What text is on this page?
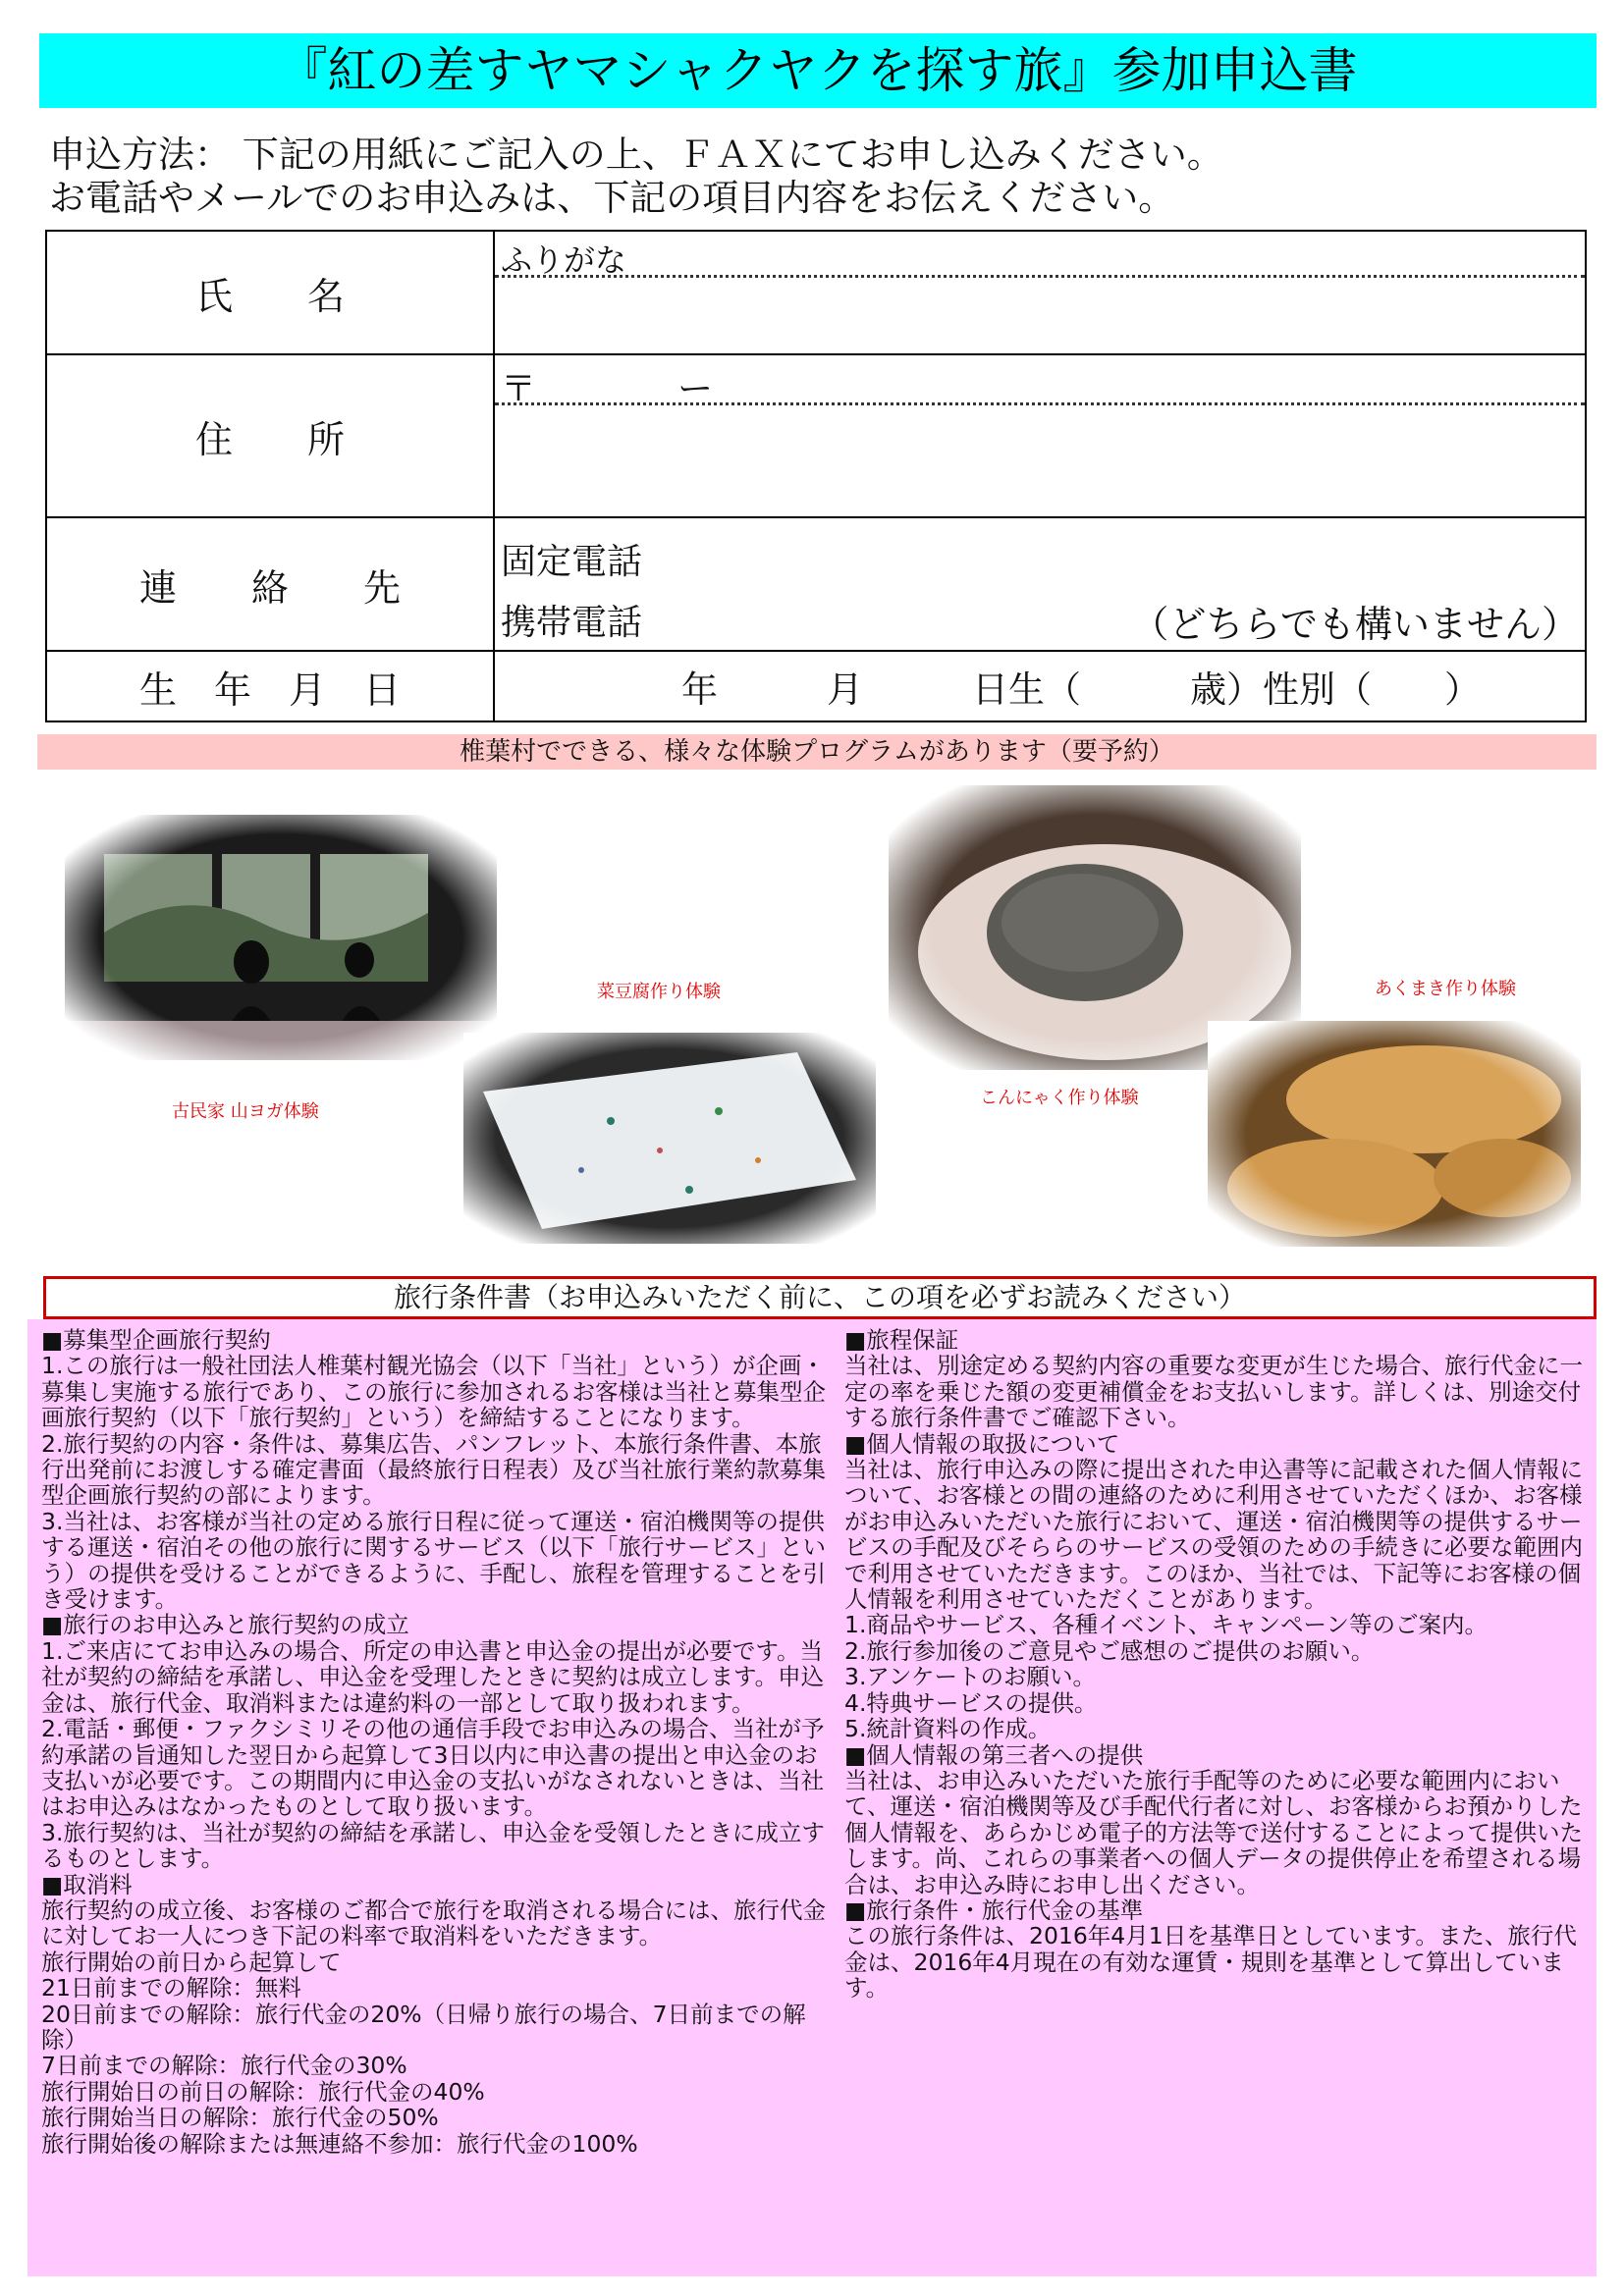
『紅の差すヤマシャクヤクを探す旅』参加申込書
申込方法： 下記の用紙にご記入の上、ＦＡＸにてお申し込みください。
お電話やメールでのお申込みは、下記の項目内容をお伝えください。
氏　　名	ふりがな

住　　所	〒　　　　ー

連　　絡　　先	固定電話
携帯電話 （どちらでも構いません）

生　年　月　日	年　　　月　　　日生（　　　歳）性別（　　）
椎葉村でできる、様々な体験プログラムがあります（要予約）
古民家 山ヨガ体験
菜豆腐作り体験
こんにゃく作り体験
あくまき作り体験
旅行条件書（お申込みいただく前に、この項を必ずお読みください）

■募集型企画旅行契約

1.この旅行は一般社団法人椎葉村観光協会（以下「当社」という）が企画・募集し実施する旅行であり、この旅行に参加されるお客様は当社と募集型企画旅行契約（以下「旅行契約」という）を締結することになります。

2.旅行契約の内容・条件は、募集広告、パンフレット、本旅行条件書、本旅行出発前にお渡しする確定書面（最終旅行日程表）及び当社旅行業約款募集型企画旅行契約の部によります。

3.当社は、お客様が当社の定める旅行日程に従って運送・宿泊機関等の提供する運送・宿泊その他の旅行に関するサービス（以下「旅行サービス」という）の提供を受けることができるように、手配し、旅程を管理することを引き受けます。

■旅行のお申込みと旅行契約の成立

1.ご来店にてお申込みの場合、所定の申込書と申込金の提出が必要です。当社が契約の締結を承諾し、申込金を受理したときに契約は成立します。申込金は、旅行代金、取消料または違約料の一部として取り扱われます。

2.電話・郵便・ファクシミリその他の通信手段でお申込みの場合、当社が予約承諾の旨通知した翌日から起算して3日以内に申込書の提出と申込金のお支払いが必要です。この期間内に申込金の支払いがなされないときは、当社はお申込みはなかったものとして取り扱います。

3.旅行契約は、当社が契約の締結を承諾し、申込金を受領したときに成立するものとします。

■取消料

旅行契約の成立後、お客様のご都合で旅行を取消される場合には、旅行代金に対してお一人につき下記の料率で取消料をいただきます。

旅行開始の前日から起算して

21日前までの解除：無料

20日前までの解除：旅行代金の20%（日帰り旅行の場合、7日前までの解除）

7日前までの解除：旅行代金の30%

旅行開始日の前日の解除：旅行代金の40%

旅行開始当日の解除：旅行代金の50%

旅行開始後の解除または無連絡不参加：旅行代金の100%

■旅程保証

当社は、別途定める契約内容の重要な変更が生じた場合、旅行代金に一定の率を乗じた額の変更補償金をお支払いします。詳しくは、別途交付する旅行条件書でご確認下さい。

■個人情報の取扱について

当社は、旅行申込みの際に提出された申込書等に記載された個人情報について、お客様との間の連絡のために利用させていただくほか、お客様がお申込みいただいた旅行において、運送・宿泊機関等の提供するサービスの手配及びそららのサービスの受領のための手続きに必要な範囲内で利用させていただきます。このほか、当社では、下記等にお客様の個人情報を利用させていただくことがあります。

1.商品やサービス、各種イベント、キャンペーン等のご案内。

2.旅行参加後のご意見やご感想のご提供のお願い。

3.アンケートのお願い。

4.特典サービスの提供。

5.統計資料の作成。

■個人情報の第三者への提供

当社は、お申込みいただいた旅行手配等のために必要な範囲内において、運送・宿泊機関等及び手配代行者に対し、お客様からお預かりした個人情報を、あらかじめ電子的方法等で送付することによって提供いたします。尚、これらの事業者への個人データの提供停止を希望される場合は、お申込み時にお申し出ください。

■旅行条件・旅行代金の基準

この旅行条件は、2016年4月1日を基準日としています。また、旅行代金は、2016年4月現在の有効な運賃・規則を基準として算出しています。
